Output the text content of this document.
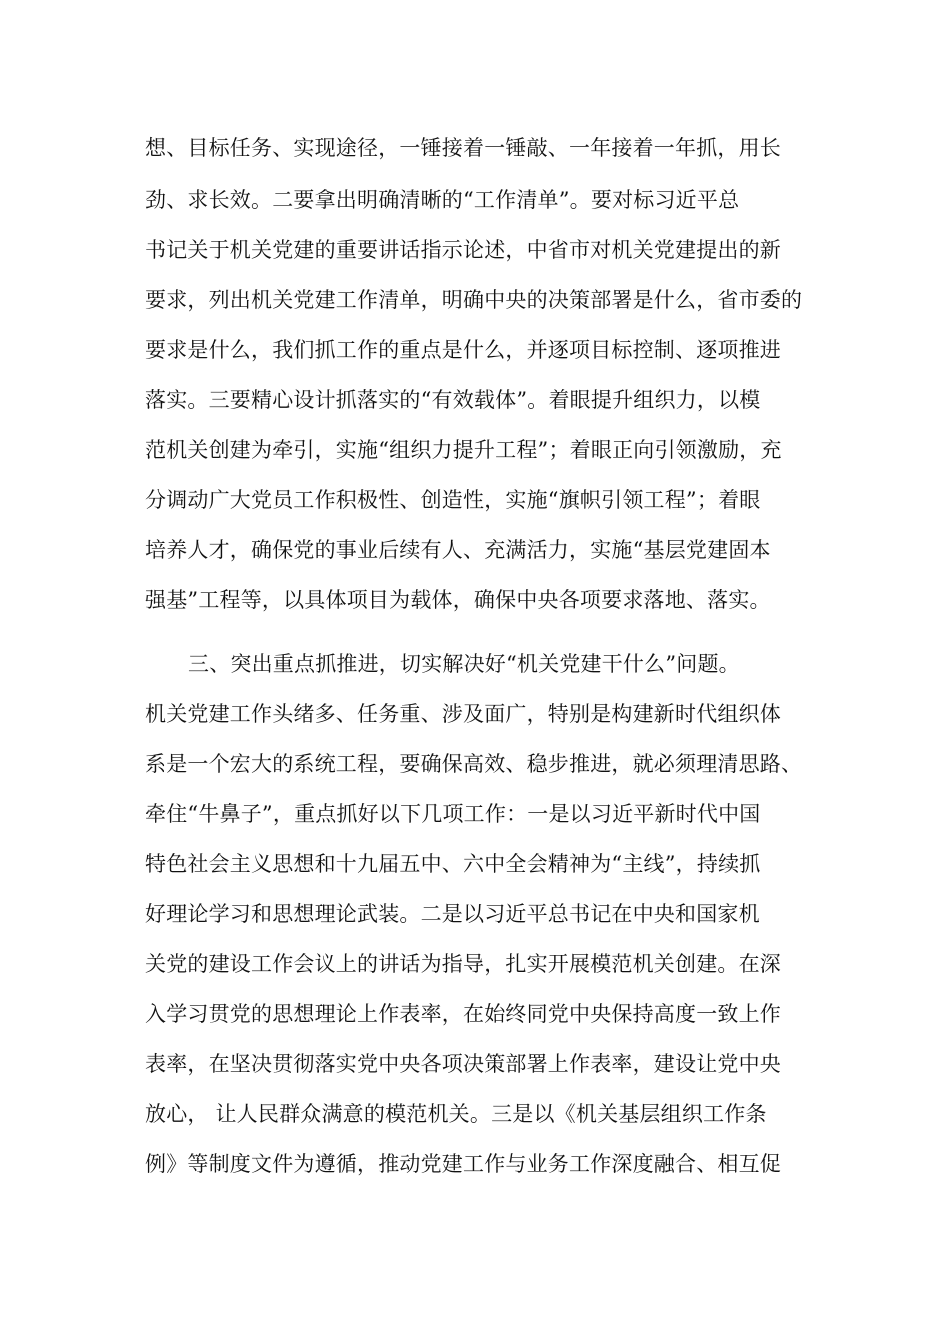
想、目标任务、实现途径，一锤接着一锤敲、一年接着一年抓，用长
劲、求长效。二要拿出明确清晰的“工作清单”。要对标习近平总
书记关于机关党建的重要讲话指示论述，中省市对机关党建提出的新
要求，列出机关党建工作清单，明确中央的决策部署是什么，省市委的
要求是什么，我们抓工作的重点是什么，并逐项目标控制、逐项推进
落实。三要精心设计抓落实的“有效载体”。着眼提升组织力，以模
范机关创建为牵引，实施“组织力提升工程”；着眼正向引领激励，充
分调动广大党员工作积极性、创造性，实施“旗帜引领工程”；着眼
培养人才，确保党的事业后续有人、充满活力，实施“基层党建固本
强基”工程等，以具体项目为载体，确保中央各项要求落地、落实。
三、突出重点抓推进，切实解决好“机关党建干什么”问题。
机关党建工作头绪多、任务重、涉及面广，特别是构建新时代组织体
系是一个宏大的系统工程，要确保高效、稳步推进，就必须理清思路、
牵住“牛鼻子”，重点抓好以下几项工作：一是以习近平新时代中国
特色社会主义思想和十九届五中、六中全会精神为“主线”，持续抓
好理论学习和思想理论武装。二是以习近平总书记在中央和国家机
关党的建设工作会议上的讲话为指导，扎实开展模范机关创建。在深
入学习贯党的思想理论上作表率，在始终同党中央保持高度一致上作
表率，在坚决贯彻落实党中央各项决策部署上作表率，建设让党中央
放心， 让人民群众满意的模范机关。三是以《机关基层组织工作条
例》等制度文件为遵循，推动党建工作与业务工作深度融合、相互促
